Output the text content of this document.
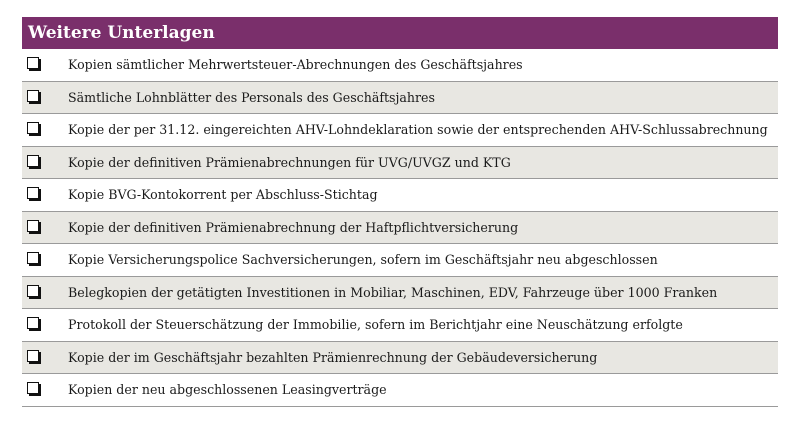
Weitere Unterlagen
Kopien sämtlicher Mehrwertsteuer-Abrechnungen des Geschäftsjahres
Sämtliche Lohnblätter des Personals des Geschäftsjahres
Kopie der per 31.12. eingereichten AHV-Lohndeklaration sowie der entsprechenden AHV-Schlussabrechnung
Kopie der definitiven Prämienabrechnungen für UVG/UVGZ und KTG
Kopie BVG-Kontokorrent per Abschluss-Stichtag
Kopie der definitiven Prämienabrechnung der Haftpflichtversicherung
Kopie Versicherungspolice Sachversicherungen, sofern im Geschäftsjahr neu abgeschlossen
Belegkopien der getätigten Investitionen in Mobiliar, Maschinen, EDV, Fahrzeuge über 1000 Franken
Protokoll der Steuerschätzung der Immobilie, sofern im Berichtjahr eine Neuschätzung erfolgte
Kopie der im Geschäftsjahr bezahlten Prämienrechnung der Gebäudeversicherung
Kopien der neu abgeschlossenen Leasingverträge
